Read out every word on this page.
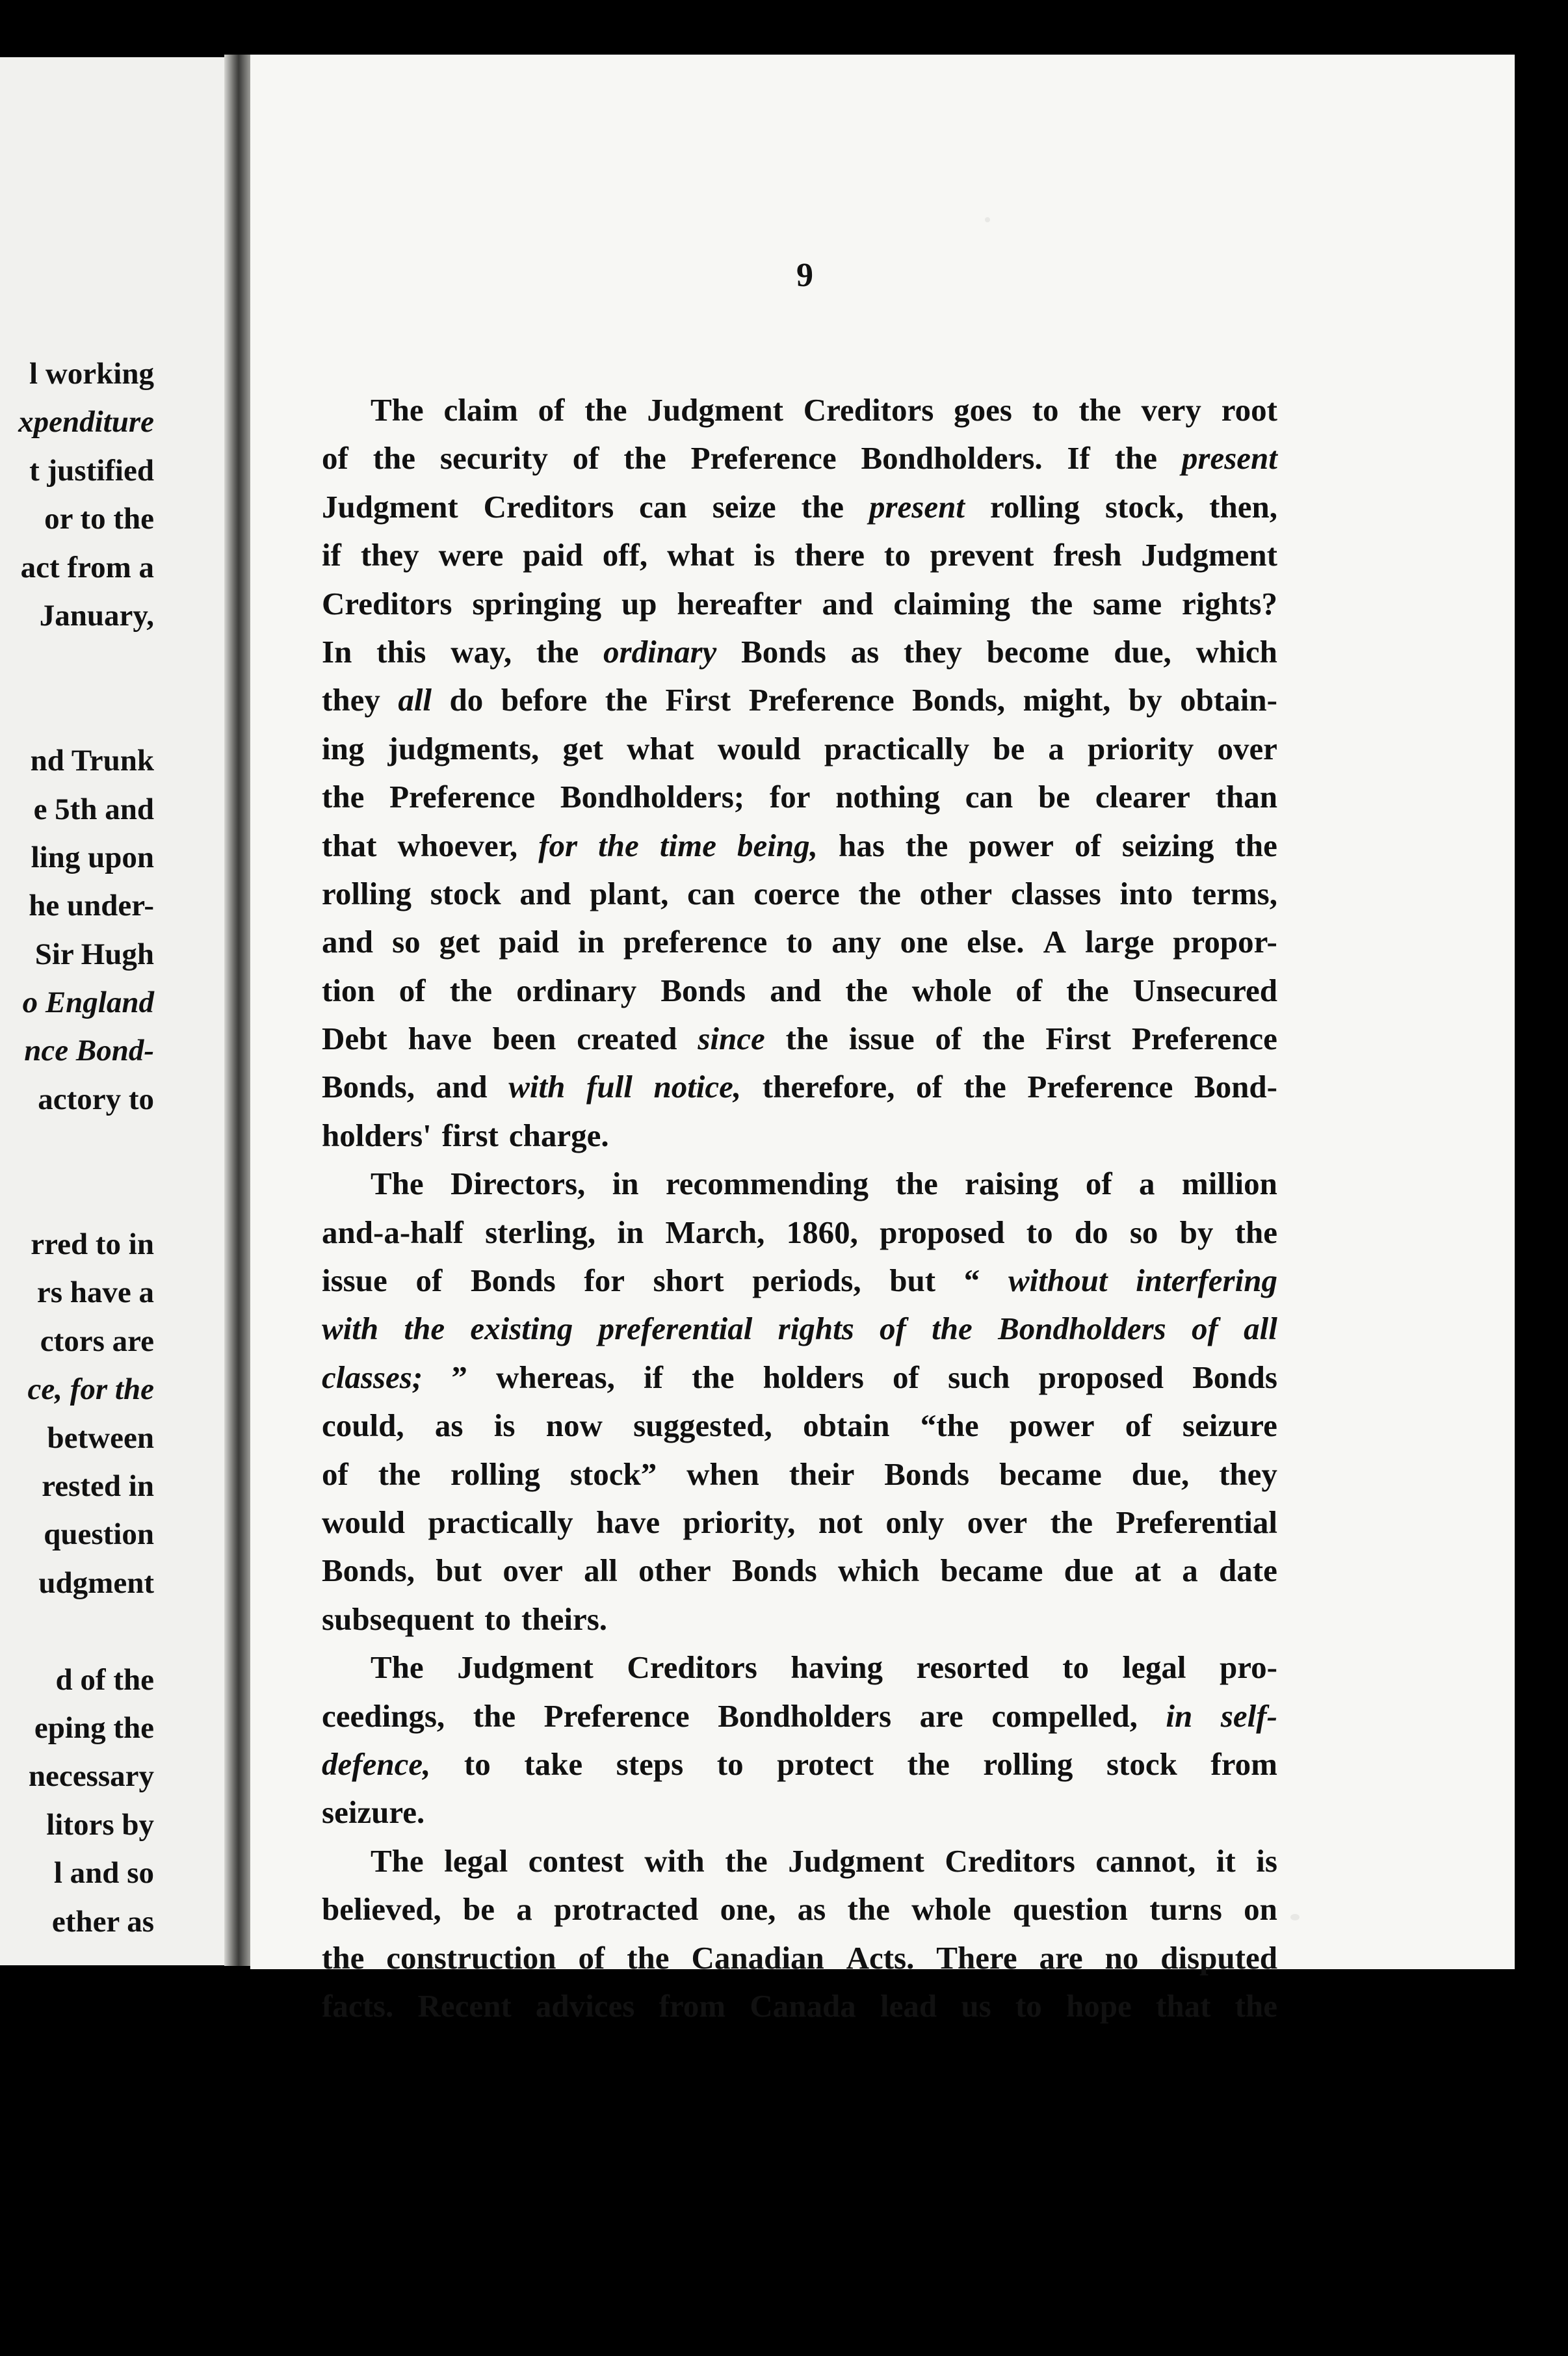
l working
xpenditure
t justified
or to the
act from a
January,

nd Trunk
e 5th and
ling upon
he under-
Sir Hugh
o England
nce Bond-
actory to

rred to in
rs have a
ctors are
ce, for the
between
rested in
question
udgment

d of the
eping the
necessary
litors by
l and so
ether as
9
The claim of the Judgment Creditors goes to the very root
of the security of the Preference Bondholders. If the present
Judgment Creditors can seize the present rolling stock, then,
if they were paid off, what is there to prevent fresh Judgment
Creditors springing up hereafter and claiming the same rights?
In this way, the ordinary Bonds as they become due, which
they all do before the First Preference Bonds, might, by obtain-
ing judgments, get what would practically be a priority over
the Preference Bondholders; for nothing can be clearer than
that whoever, for the time being, has the power of seizing the
rolling stock and plant, can coerce the other classes into terms,
and so get paid in preference to any one else. A large propor-
tion of the ordinary Bonds and the whole of the Unsecured
Debt have been created since the issue of the First Preference
Bonds, and with full notice, therefore, of the Preference Bond-
holders' first charge.
The Directors, in recommending the raising of a million
and-a-half sterling, in March, 1860, proposed to do so by the
issue of Bonds for short periods, but “ without interfering
with the existing preferential rights of the Bondholders of all
classes; ” whereas, if the holders of such proposed Bonds
could, as is now suggested, obtain “the power of seizure
of the rolling stock” when their Bonds became due, they
would practically have priority, not only over the Preferential
Bonds, but over all other Bonds which became due at a date
subsequent to theirs.
The Judgment Creditors having resorted to legal pro-
ceedings, the Preference Bondholders are compelled, in self-
defence, to take steps to protect the rolling stock from
seizure.
The legal contest with the Judgment Creditors cannot, it is
believed, be a protracted one, as the whole question turns on
the construction of the Canadian Acts. There are no disputed
facts. Recent advices from Canada lead us to hope that the
